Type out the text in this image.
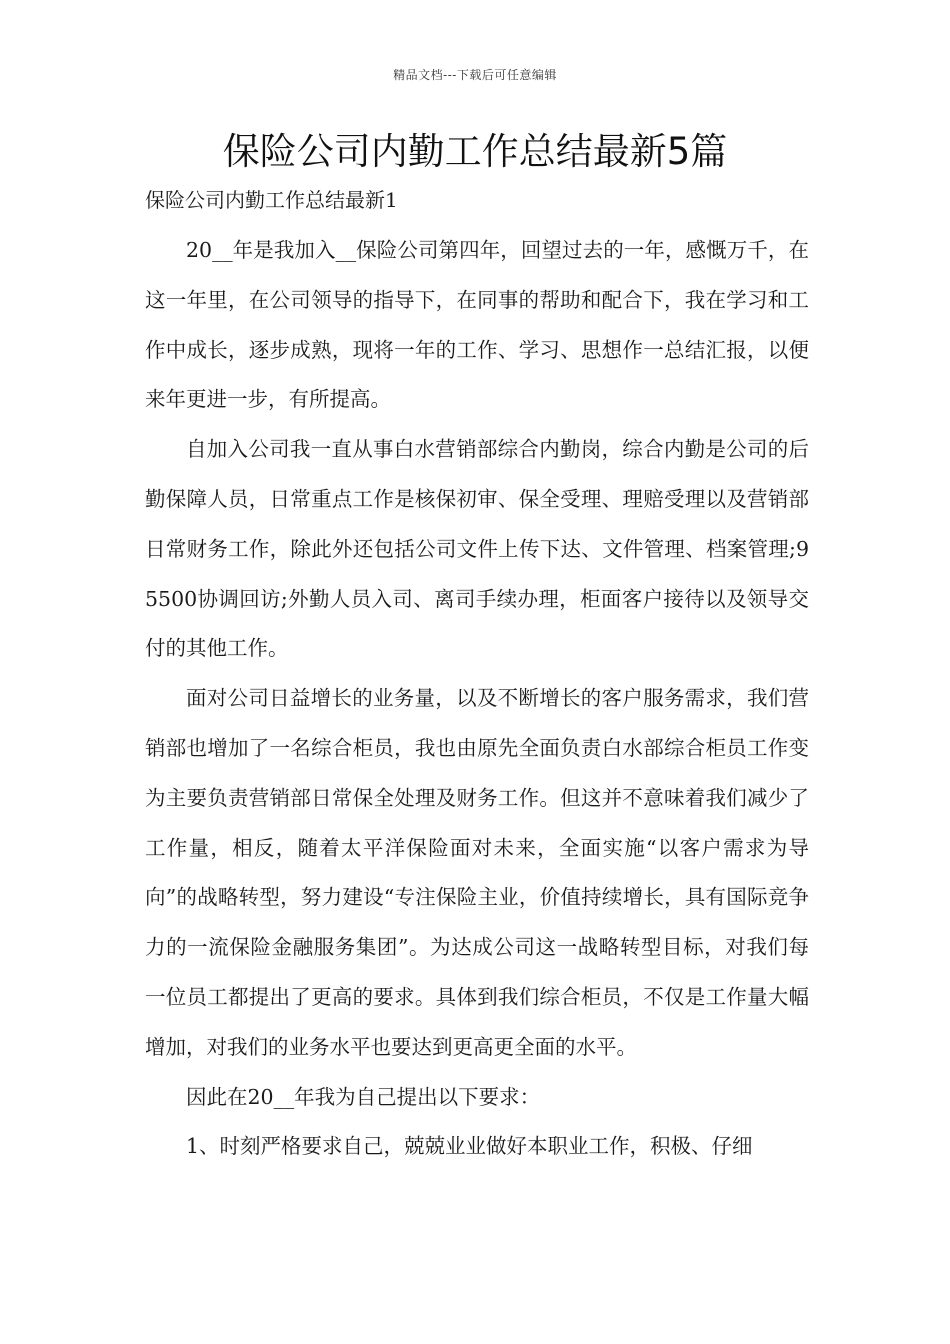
精品文档---下载后可任意编辑
保险公司内勤工作总结最新5篇
保险公司内勤工作总结最新1

20__年是我加入__保险公司第四年，回望过去的一年，感慨万千，在这一年里，在公司领导的指导下，在同事的帮助和配合下，我在学习和工作中成长，逐步成熟，现将一年的工作、学习、思想作一总结汇报，以便来年更进一步，有所提高。

自加入公司我一直从事白水营销部综合内勤岗，综合内勤是公司的后勤保障人员，日常重点工作是核保初审、保全受理、理赔受理以及营销部日常财务工作，除此外还包括公司文件上传下达、文件管理、档案管理;95500协调回访;外勤人员入司、离司手续办理，柜面客户接待以及领导交付的其他工作。

面对公司日益增长的业务量，以及不断增长的客户服务需求，我们营销部也增加了一名综合柜员，我也由原先全面负责白水部综合柜员工作变为主要负责营销部日常保全处理及财务工作。但这并不意味着我们减少了工作量，相反，随着太平洋保险面对未来，全面实施“以客户需求为导向”的战略转型，努力建设“专注保险主业，价值持续增长，具有国际竞争力的一流保险金融服务集团”。为达成公司这一战略转型目标，对我们每一位员工都提出了更高的要求。具体到我们综合柜员，不仅是工作量大幅增加，对我们的业务水平也要达到更高更全面的水平。

因此在20__年我为自己提出以下要求：

1、时刻严格要求自己，兢兢业业做好本职业工作，积极、仔细
